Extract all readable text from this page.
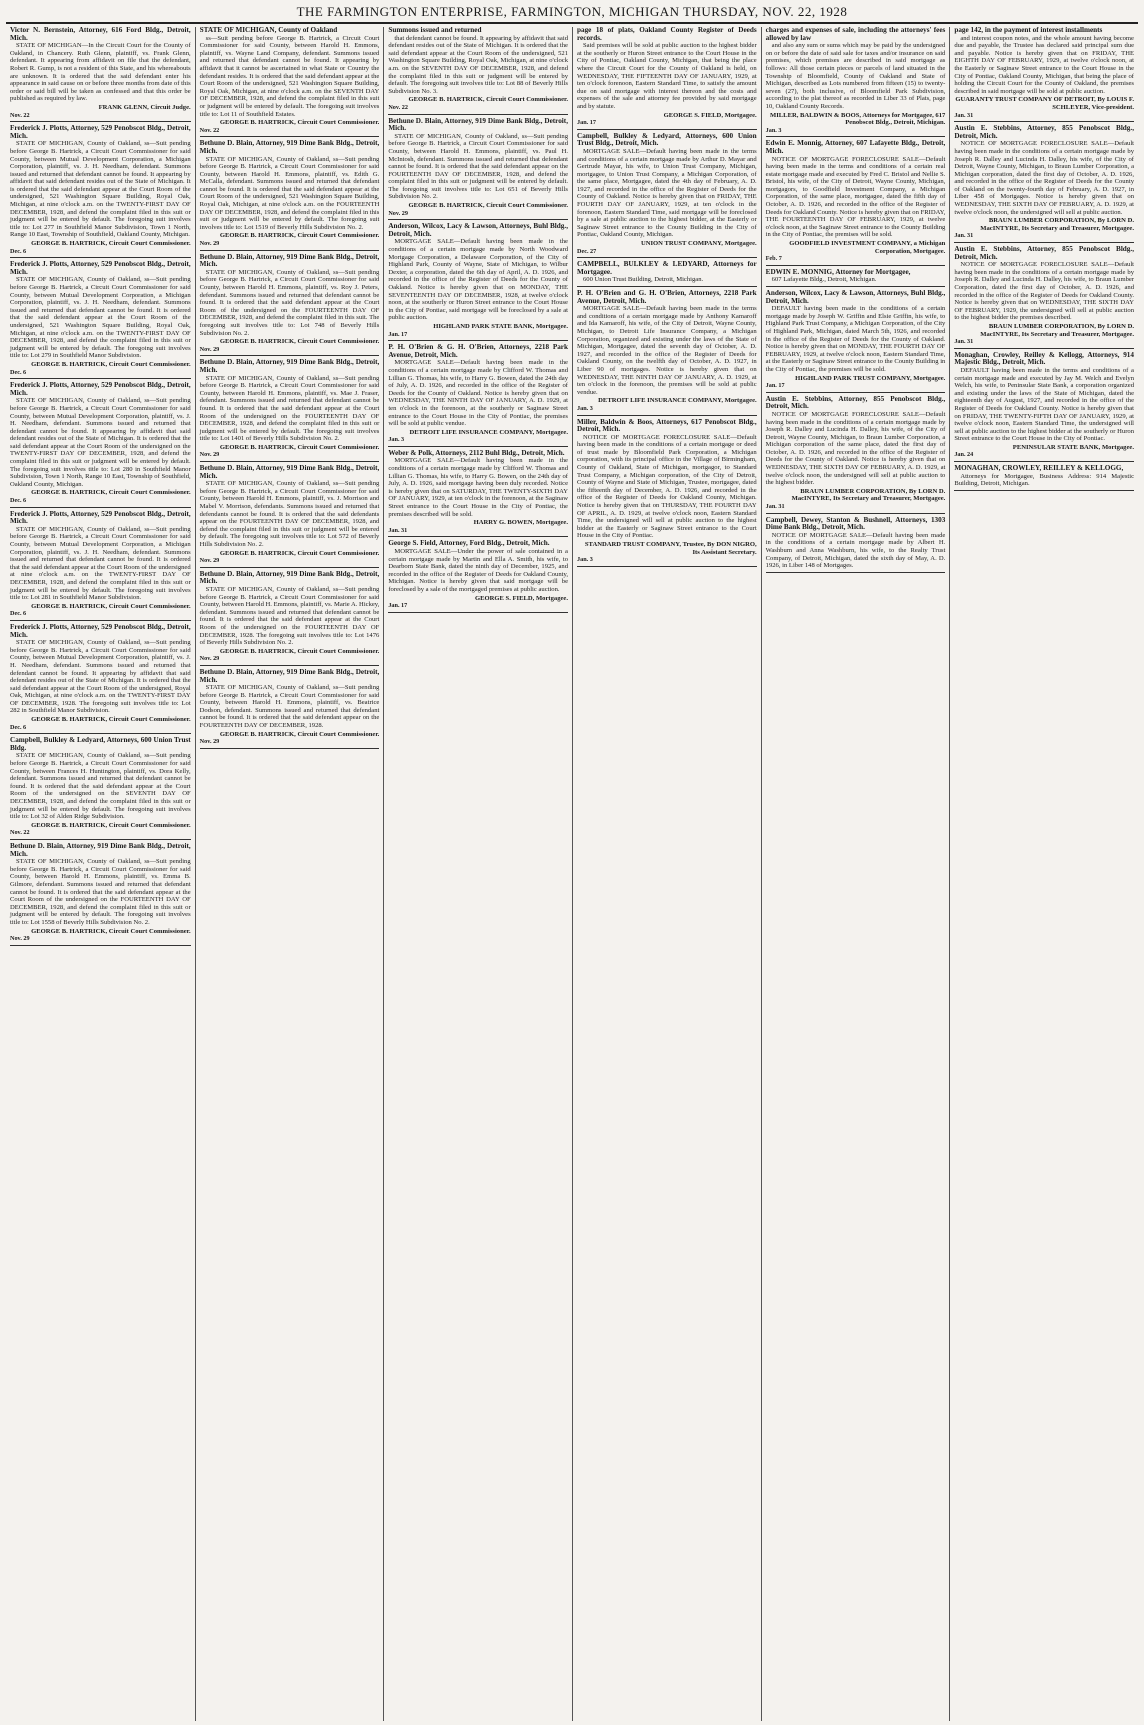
THE FARMINGTON ENTERPRISE, FARMINGTON, MICHIGAN THURSDAY, NOV. 22, 1928
Victor N. Bernstein, Attorney, 616 Ford Bldg., Detroit, Mich.
STATE OF MICHIGAN—In the Circuit Court for the County of Oakland, in Chancery. Ruth Glenn, plaintiff, vs. Frank Glenn, defendant. It appearing from affidavit on file that the defendant, Robert R. Gump, is not a resident of this State, and his whereabouts are unknown. It is ordered that the said defendant enter his appearance in said cause on or before three months from date of this order or said bill will be taken as confessed and that this order be published as required by law.
FRANK GLENN, Circuit Judge.
Nov. 22
Frederick J. Plotts, Attorney, 529 Penobscot Bldg., Detroit, Mich.
STATE OF MICHIGAN, County of Oakland, ss—Suit pending before George B. Hartrick, a Circuit Court Commissioner for said County, between Mutual Development Corporation, a Michigan Corporation, plaintiff, vs. J. H. Needham, defendant. Summons issued and returned that defendant cannot be found. It appearing by affidavit that said defendant resides out of the State of Michigan. It is ordered that the said defendant appear at the Court Room of the undersigned, 521 Washington Square Building, Royal Oak, Michigan, at nine o'clock a.m. on the TWENTY-FIRST DAY OF DECEMBER, 1928, and defend the complaint filed in this suit or judgment will be entered by default. The foregoing suit involves title to: Lot 277 in Southfield Manor Subdivision, Town 1 North, Range 10 East, Township of Southfield, Oakland County, Michigan.
GEORGE B. HARTRICK, Circuit Court Commissioner.
Dec. 6
Frederick J. Plotts, Attorney, 529 Penobscot Bldg., Detroit, Mich.
STATE OF MICHIGAN, County of Oakland, ss—Suit pending before George B. Hartrick, a Circuit Court Commissioner for said County, between Mutual Development Corporation, a Michigan Corporation, plaintiff, vs. J. H. Needham, defendant. Summons issued and returned that defendant cannot be found. It is ordered that the said defendant appear at the Court Room of the undersigned, 521 Washington Square Building, Royal Oak, Michigan, at nine o'clock a.m. on the TWENTY-FIRST DAY OF DECEMBER, 1928, and defend the complaint filed in this suit or judgment will be entered by default. The foregoing suit involves title to: Lot 279 in Southfield Manor Subdivision.
GEORGE B. HARTRICK, Circuit Court Commissioner.
Dec. 6
Frederick J. Plotts, Attorney, 529 Penobscot Bldg., Detroit, Mich.
STATE OF MICHIGAN, County of Oakland, ss—Suit pending before George B. Hartrick, a Circuit Court Commissioner for said County, between Mutual Development Corporation, plaintiff, vs. J. H. Needham, defendant. Summons issued and returned that defendant cannot be found. It appearing by affidavit that said defendant resides out of the State of Michigan. It is ordered that the said defendant appear at the Court Room of the undersigned on the TWENTY-FIRST DAY OF DECEMBER, 1928, and defend the complaint filed in this suit or judgment will be entered by default. The foregoing suit involves title to: Lot 280 in Southfield Manor Subdivision, Town 1 North, Range 10 East, Township of Southfield, Oakland County, Michigan.
GEORGE B. HARTRICK, Circuit Court Commissioner.
Dec. 6
Frederick J. Plotts, Attorney, 529 Penobscot Bldg., Detroit, Mich.
STATE OF MICHIGAN, County of Oakland, ss—Suit pending before George B. Hartrick, a Circuit Court Commissioner for said County, between Mutual Development Corporation, a Michigan Corporation, plaintiff, vs. J. H. Needham, defendant. Summons issued and returned that defendant cannot be found. It is ordered that the said defendant appear at the Court Room of the undersigned at nine o'clock a.m. on the TWENTY-FIRST DAY OF DECEMBER, 1928, and defend the complaint filed in this suit or judgment will be entered by default. The foregoing suit involves title to: Lot 281 in Southfield Manor Subdivision.
GEORGE B. HARTRICK, Circuit Court Commissioner.
Dec. 6
Frederick J. Plotts, Attorney, 529 Penobscot Bldg., Detroit, Mich.
STATE OF MICHIGAN, County of Oakland, ss—Suit pending before George B. Hartrick, a Circuit Court Commissioner for said County, between Mutual Development Corporation, plaintiff, vs. J. H. Needham, defendant. Summons issued and returned that defendant cannot be found. It appearing by affidavit that said defendant resides out of the State of Michigan. It is ordered that the said defendant appear at the Court Room of the undersigned, Royal Oak, Michigan, at nine o'clock a.m. on the TWENTY-FIRST DAY OF DECEMBER, 1928. The foregoing suit involves title to: Lot 282 in Southfield Manor Subdivision.
GEORGE B. HARTRICK, Circuit Court Commissioner.
Dec. 6
Campbell, Bulkley & Ledyard, Attorneys, 600 Union Trust Bldg.
STATE OF MICHIGAN, County of Oakland, ss—Suit pending before George B. Hartrick, a Circuit Court Commissioner for said County, between Frances H. Huntington, plaintiff, vs. Dora Kelly, defendant. Summons issued and returned that defendant cannot be found. It is ordered that the said defendant appear at the Court Room of the undersigned on the SEVENTH DAY OF DECEMBER, 1928, and defend the complaint filed in this suit or judgment will be entered by default. The foregoing suit involves title to: Lot 32 of Alden Ridge Subdivision.
GEORGE B. HARTRICK, Circuit Court Commissioner.
Nov. 22
Bethune D. Blain, Attorney, 919 Dime Bank Bldg., Detroit, Mich.
STATE OF MICHIGAN, County of Oakland, ss—Suit pending before George B. Hartrick, a Circuit Court Commissioner for said County, between Harold H. Emmons, plaintiff, vs. Emma B. Gilmore, defendant. Summons issued and returned that defendant cannot be found. It is ordered that the said defendant appear at the Court Room of the undersigned on the FOURTEENTH DAY OF DECEMBER, 1928, and defend the complaint filed in this suit or judgment will be entered by default. The foregoing suit involves title to: Lot 1558 of Beverly Hills Subdivision No. 2.
GEORGE B. HARTRICK, Circuit Court Commissioner.
Nov. 29
STATE OF MICHIGAN, County of Oakland
ss—Suit pending before George B. Hartrick, a Circuit Court Commissioner for said County, between Harold H. Emmons, plaintiff, vs. Wayne Land Company, defendant. Summons issued and returned that defendant cannot be found. It appearing by affidavit that it cannot be ascertained in what State or Country the defendant resides. It is ordered that the said defendant appear at the Court Room of the undersigned, 521 Washington Square Building, Royal Oak, Michigan, at nine o'clock a.m. on the SEVENTH DAY OF DECEMBER, 1928, and defend the complaint filed in this suit or judgment will be entered by default. The foregoing suit involves title to: Lot 11 of Southfield Estates.
GEORGE B. HARTRICK, Circuit Court Commissioner.
Nov. 22
Bethune D. Blain, Attorney, 919 Dime Bank Bldg., Detroit, Mich.
STATE OF MICHIGAN, County of Oakland, ss—Suit pending before George B. Hartrick, a Circuit Court Commissioner for said County, between Harold H. Emmons, plaintiff, vs. Edith G. McCalla, defendant. Summons issued and returned that defendant cannot be found. It is ordered that the said defendant appear at the Court Room of the undersigned, 521 Washington Square Building, Royal Oak, Michigan, at nine o'clock a.m. on the FOURTEENTH DAY OF DECEMBER, 1928, and defend the complaint filed in this suit or judgment will be entered by default. The foregoing suit involves title to: Lot 1519 of Beverly Hills Subdivision No. 2.
GEORGE B. HARTRICK, Circuit Court Commissioner.
Nov. 29
Bethune D. Blain, Attorney, 919 Dime Bank Bldg., Detroit, Mich.
STATE OF MICHIGAN, County of Oakland, ss—Suit pending before George B. Hartrick, a Circuit Court Commissioner for said County, between Harold H. Emmons, plaintiff, vs. Roy J. Peters, defendant. Summons issued and returned that defendant cannot be found. It is ordered that the said defendant appear at the Court Room of the undersigned on the FOURTEENTH DAY OF DECEMBER, 1928, and defend the complaint filed in this suit. The foregoing suit involves title to: Lot 748 of Beverly Hills Subdivision No. 2.
GEORGE B. HARTRICK, Circuit Court Commissioner.
Nov. 29
Bethune D. Blain, Attorney, 919 Dime Bank Bldg., Detroit, Mich.
STATE OF MICHIGAN, County of Oakland, ss—Suit pending before George B. Hartrick, a Circuit Court Commissioner for said County, between Harold H. Emmons, plaintiff, vs. Mae J. Fraser, defendant. Summons issued and returned that defendant cannot be found. It is ordered that the said defendant appear at the Court Room of the undersigned on the FOURTEENTH DAY OF DECEMBER, 1928, and defend the complaint filed in this suit or judgment will be entered by default. The foregoing suit involves title to: Lot 1401 of Beverly Hills Subdivision No. 2.
GEORGE B. HARTRICK, Circuit Court Commissioner.
Nov. 29
Bethune D. Blain, Attorney, 919 Dime Bank Bldg., Detroit, Mich.
STATE OF MICHIGAN, County of Oakland, ss—Suit pending before George B. Hartrick, a Circuit Court Commissioner for said County, between Harold H. Emmons, plaintiff, vs. J. Morrison and Mabel V. Morrison, defendants. Summons issued and returned that defendants cannot be found. It is ordered that the said defendants appear on the FOURTEENTH DAY OF DECEMBER, 1928, and defend the complaint filed in this suit or judgment will be entered by default. The foregoing suit involves title to: Lot 572 of Beverly Hills Subdivision No. 2.
GEORGE B. HARTRICK, Circuit Court Commissioner.
Nov. 29
Bethune D. Blain, Attorney, 919 Dime Bank Bldg., Detroit, Mich.
STATE OF MICHIGAN, County of Oakland, ss—Suit pending before George B. Hartrick, a Circuit Court Commissioner for said County, between Harold H. Emmons, plaintiff, vs. Marie A. Hickey, defendant. Summons issued and returned that defendant cannot be found. It is ordered that the said defendant appear at the Court Room of the undersigned on the FOURTEENTH DAY OF DECEMBER, 1928. The foregoing suit involves title to: Lot 1476 of Beverly Hills Subdivision No. 2.
GEORGE B. HARTRICK, Circuit Court Commissioner.
Nov. 29
Bethune D. Blain, Attorney, 919 Dime Bank Bldg., Detroit, Mich.
STATE OF MICHIGAN, County of Oakland, ss—Suit pending before George B. Hartrick, a Circuit Court Commissioner for said County, between Harold H. Emmons, plaintiff, vs. Beatrice Dodson, defendant. Summons issued and returned that defendant cannot be found. It is ordered that the said defendant appear on the FOURTEENTH DAY OF DECEMBER, 1928.
GEORGE B. HARTRICK, Circuit Court Commissioner.
Nov. 29
Summons issued and returned
that defendant cannot be found. It appearing by affidavit that said defendant resides out of the State of Michigan. It is ordered that the said defendant appear at the Court Room of the undersigned, 521 Washington Square Building, Royal Oak, Michigan, at nine o'clock a.m. on the SEVENTH DAY OF DECEMBER, 1928, and defend the complaint filed in this suit or judgment will be entered by default. The foregoing suit involves title to: Lot 88 of Beverly Hills Subdivision No. 3.
GEORGE B. HARTRICK, Circuit Court Commissioner.
Nov. 22
Bethune D. Blain, Attorney, 919 Dime Bank Bldg., Detroit, Mich.
STATE OF MICHIGAN, County of Oakland, ss—Suit pending before George B. Hartrick, a Circuit Court Commissioner for said County, between Harold H. Emmons, plaintiff, vs. Paul H. McIntosh, defendant. Summons issued and returned that defendant cannot be found. It is ordered that the said defendant appear on the FOURTEENTH DAY OF DECEMBER, 1928, and defend the complaint filed in this suit or judgment will be entered by default. The foregoing suit involves title to: Lot 651 of Beverly Hills Subdivision No. 2.
GEORGE B. HARTRICK, Circuit Court Commissioner.
Nov. 29
Anderson, Wilcox, Lacy & Lawson, Attorneys, Buhl Bldg., Detroit, Mich.
MORTGAGE SALE—Default having been made in the conditions of a certain mortgage made by North Woodward Mortgage Corporation, a Delaware Corporation, of the City of Highland Park, County of Wayne, State of Michigan, to Wilbur Dexter, a corporation, dated the 6th day of April, A. D. 1926, and recorded in the office of the Register of Deeds for the County of Oakland. Notice is hereby given that on MONDAY, THE SEVENTEENTH DAY OF DECEMBER, 1928, at twelve o'clock noon, at the southerly or Huron Street entrance to the Court House in the City of Pontiac, said mortgage will be foreclosed by a sale at public auction.
HIGHLAND PARK STATE BANK, Mortgagee.
Jan. 17
P. H. O'Brien & G. H. O'Brien, Attorneys, 2218 Park Avenue, Detroit, Mich.
MORTGAGE SALE—Default having been made in the conditions of a certain mortgage made by Clifford W. Thomas and Lillian G. Thomas, his wife, to Harry G. Bowen, dated the 24th day of July, A. D. 1926, and recorded in the office of the Register of Deeds for the County of Oakland. Notice is hereby given that on WEDNESDAY, THE NINTH DAY OF JANUARY, A. D. 1929, at ten o'clock in the forenoon, at the southerly or Saginaw Street entrance to the Court House in the City of Pontiac, the premises will be sold at public vendue.
DETROIT LIFE INSURANCE COMPANY, Mortgagee.
Jan. 3
Weber & Polk, Attorneys, 2112 Buhl Bldg., Detroit, Mich.
MORTGAGE SALE—Default having been made in the conditions of a certain mortgage made by Clifford W. Thomas and Lillian G. Thomas, his wife, to Harry G. Bowen, on the 24th day of July, A. D. 1926, said mortgage having been duly recorded. Notice is hereby given that on SATURDAY, THE TWENTY-SIXTH DAY OF JANUARY, 1929, at ten o'clock in the forenoon, at the Saginaw Street entrance to the Court House in the City of Pontiac, the premises described will be sold.
HARRY G. BOWEN, Mortgagee.
Jan. 31
George S. Field, Attorney, Ford Bldg., Detroit, Mich.
MORTGAGE SALE—Under the power of sale contained in a certain mortgage made by Martin and Ella A. Smith, his wife, to Dearborn State Bank, dated the ninth day of December, 1925, and recorded in the office of the Register of Deeds for Oakland County, Michigan. Notice is hereby given that said mortgage will be foreclosed by a sale of the mortgaged premises at public auction.
GEORGE S. FIELD, Mortgagee.
Jan. 17
page 18 of plats, Oakland County Register of Deeds records.
Said premises will be sold at public auction to the highest bidder at the southerly or Huron Street entrance to the Court House in the City of Pontiac, Oakland County, Michigan, that being the place where the Circuit Court for the County of Oakland is held, on WEDNESDAY, THE FIFTEENTH DAY OF JANUARY, 1929, at ten o'clock forenoon, Eastern Standard Time, to satisfy the amount due on said mortgage with interest thereon and the costs and expenses of the sale and attorney fee provided by said mortgage and by statute.
GEORGE S. FIELD, Mortgagee.
Jan. 17
Campbell, Bulkley & Ledyard, Attorneys, 600 Union Trust Bldg., Detroit, Mich.
MORTGAGE SALE—Default having been made in the terms and conditions of a certain mortgage made by Arthur D. Mayar and Gertrude Mayar, his wife, to Union Trust Company, Michigan, mortgagee, to Union Trust Company, a Michigan Corporation, of the same place, Mortgagee, dated the 4th day of February, A. D. 1927, and recorded in the office of the Register of Deeds for the County of Oakland. Notice is hereby given that on FRIDAY, THE FOURTH DAY OF JANUARY, 1929, at ten o'clock in the forenoon, Eastern Standard Time, said mortgage will be foreclosed by a sale at public auction to the highest bidder, at the Easterly or Saginaw Street entrance to the County Building in the City of Pontiac, Oakland County, Michigan.
UNION TRUST COMPANY, Mortgagee.
Dec. 27
CAMPBELL, BULKLEY & LEDYARD, Attorneys for Mortgagee.
600 Union Trust Building, Detroit, Michigan.
P. H. O'Brien and G. H. O'Brien, Attorneys, 2218 Park Avenue, Detroit, Mich.
MORTGAGE SALE—Default having been made in the terms and conditions of a certain mortgage made by Anthony Kamaroff and Ida Kamaroff, his wife, of the City of Detroit, Wayne County, Michigan, to Detroit Life Insurance Company, a Michigan Corporation, organized and existing under the laws of the State of Michigan, Mortgagee, dated the seventh day of October, A. D. 1927, and recorded in the office of the Register of Deeds for Oakland County, on the twelfth day of October, A. D. 1927, in Liber 90 of mortgages. Notice is hereby given that on WEDNESDAY, THE NINTH DAY OF JANUARY, A. D. 1929, at ten o'clock in the forenoon, the premises will be sold at public vendue.
DETROIT LIFE INSURANCE COMPANY, Mortgagee.
Jan. 3
Miller, Baldwin & Boos, Attorneys, 617 Penobscot Bldg., Detroit, Mich.
NOTICE OF MORTGAGE FORECLOSURE SALE—Default having been made in the conditions of a certain mortgage or deed of trust made by Bloomfield Park Corporation, a Michigan corporation, with its principal office in the Village of Birmingham, County of Oakland, State of Michigan, mortgagor, to Standard Trust Company, a Michigan corporation, of the City of Detroit, County of Wayne and State of Michigan, Trustee, mortgagee, dated the fifteenth day of December, A. D. 1926, and recorded in the office of the Register of Deeds for Oakland County, Michigan. Notice is hereby given that on THURSDAY, THE FOURTH DAY OF APRIL, A. D. 1929, at twelve o'clock noon, Eastern Standard Time, the undersigned will sell at public auction to the highest bidder at the Easterly or Saginaw Street entrance to the Court House in the City of Pontiac.
STANDARD TRUST COMPANY, Trustee, By DON NIGRO, Its Assistant Secretary.
Jan. 3
charges and expenses of sale, including the attorneys' fees allowed by law
and also any sum or sums which may be paid by the undersigned on or before the date of said sale for taxes and/or insurance on said premises, which premises are described in said mortgage as follows: All those certain pieces or parcels of land situated in the Township of Bloomfield, County of Oakland and State of Michigan, described as Lots numbered from fifteen (15) to twenty-seven (27), both inclusive, of Bloomfield Park Subdivision, according to the plat thereof as recorded in Liber 33 of Plats, page 10, Oakland County Records.
MILLER, BALDWIN & BOOS, Attorneys for Mortgagee, 617 Penobscot Bldg., Detroit, Michigan.
Jan. 3
Edwin E. Monnig, Attorney, 607 Lafayette Bldg., Detroit, Mich.
NOTICE OF MORTGAGE FORECLOSURE SALE—Default having been made in the terms and conditions of a certain real estate mortgage made and executed by Fred C. Bristol and Nellie S. Bristol, his wife, of the City of Detroit, Wayne County, Michigan, mortgagors, to Goodfield Investment Company, a Michigan Corporation, of the same place, mortgagee, dated the fifth day of October, A. D. 1926, and recorded in the office of the Register of Deeds for Oakland County. Notice is hereby given that on FRIDAY, THE FOURTEENTH DAY OF FEBRUARY, 1929, at twelve o'clock noon, at the Saginaw Street entrance to the County Building in the City of Pontiac, the premises will be sold.
GOODFIELD INVESTMENT COMPANY, a Michigan Corporation, Mortgagee.
Feb. 7
EDWIN E. MONNIG, Attorney for Mortgagee,
607 Lafayette Bldg., Detroit, Michigan.
Anderson, Wilcox, Lacy & Lawson, Attorneys, Buhl Bldg., Detroit, Mich.
DEFAULT having been made in the conditions of a certain mortgage made by Joseph W. Griffin and Elsie Griffin, his wife, to Highland Park Trust Company, a Michigan Corporation, of the City of Highland Park, Michigan, dated March 5th, 1926, and recorded in the office of the Register of Deeds for the County of Oakland. Notice is hereby given that on MONDAY, THE FOURTH DAY OF FEBRUARY, 1929, at twelve o'clock noon, Eastern Standard Time, at the Easterly or Saginaw Street entrance to the County Building in the City of Pontiac, the premises will be sold.
HIGHLAND PARK TRUST COMPANY, Mortgagee.
Jan. 17
Austin E. Stebbins, Attorney, 855 Penobscot Bldg., Detroit, Mich.
NOTICE OF MORTGAGE FORECLOSURE SALE—Default having been made in the conditions of a certain mortgage made by Joseph R. Dalley and Lucinda H. Dalley, his wife, of the City of Detroit, Wayne County, Michigan, to Braun Lumber Corporation, a Michigan corporation of the same place, dated the first day of October, A. D. 1926, and recorded in the office of the Register of Deeds for the County of Oakland. Notice is hereby given that on WEDNESDAY, THE SIXTH DAY OF FEBRUARY, A. D. 1929, at twelve o'clock noon, the undersigned will sell at public auction to the highest bidder.
BRAUN LUMBER CORPORATION, By LORN D. MacINTYRE, Its Secretary and Treasurer, Mortgagee.
Jan. 31
Campbell, Dewey, Stanton & Bushnell, Attorneys, 1303 Dime Bank Bldg., Detroit, Mich.
NOTICE OF MORTGAGE SALE—Default having been made in the conditions of a certain mortgage made by Albert H. Washburn and Anna Washburn, his wife, to the Realty Trust Company, of Detroit, Michigan, dated the sixth day of May, A. D. 1926, in Liber 148 of Mortgages.
page 142, in the payment of interest installments
and interest coupon notes, and the whole amount having become due and payable, the Trustee has declared said principal sum due and payable. Notice is hereby given that on FRIDAY, THE EIGHTH DAY OF FEBRUARY, 1929, at twelve o'clock noon, at the Easterly or Saginaw Street entrance to the Court House in the City of Pontiac, Oakland County, Michigan, that being the place of holding the Circuit Court for the County of Oakland, the premises described in said mortgage will be sold at public auction.
GUARANTY TRUST COMPANY OF DETROIT, By LOUIS F. SCHLEYER, Vice-president.
Jan. 31
Austin E. Stebbins, Attorney, 855 Penobscot Bldg., Detroit, Mich.
NOTICE OF MORTGAGE FORECLOSURE SALE—Default having been made in the conditions of a certain mortgage made by Joseph R. Dalley and Lucinda H. Dalley, his wife, of the City of Detroit, Wayne County, Michigan, to Braun Lumber Corporation, a Michigan corporation, dated the first day of October, A. D. 1926, and recorded in the office of the Register of Deeds for the County of Oakland on the twenty-fourth day of February, A. D. 1927, in Liber 458 of Mortgages. Notice is hereby given that on WEDNESDAY, THE SIXTH DAY OF FEBRUARY, A. D. 1929, at twelve o'clock noon, the undersigned will sell at public auction.
BRAUN LUMBER CORPORATION, By LORN D. MacINTYRE, Its Secretary and Treasurer, Mortgagee.
Jan. 31
Austin E. Stebbins, Attorney, 855 Penobscot Bldg., Detroit, Mich.
NOTICE OF MORTGAGE FORECLOSURE SALE—Default having been made in the conditions of a certain mortgage made by Joseph R. Dalley and Lucinda H. Dalley, his wife, to Braun Lumber Corporation, dated the first day of October, A. D. 1926, and recorded in the office of the Register of Deeds for Oakland County. Notice is hereby given that on WEDNESDAY, THE SIXTH DAY OF FEBRUARY, 1929, the undersigned will sell at public auction to the highest bidder the premises described.
BRAUN LUMBER CORPORATION, By LORN D. MacINTYRE, Its Secretary and Treasurer, Mortgagee.
Jan. 31
Monaghan, Crowley, Reilley & Kellogg, Attorneys, 914 Majestic Bldg., Detroit, Mich.
DEFAULT having been made in the terms and conditions of a certain mortgage made and executed by Jay M. Welch and Evelyn Welch, his wife, to Peninsular State Bank, a corporation organized and existing under the laws of the State of Michigan, dated the eighteenth day of August, 1927, and recorded in the office of the Register of Deeds for Oakland County. Notice is hereby given that on FRIDAY, THE TWENTY-FIFTH DAY OF JANUARY, 1929, at twelve o'clock noon, Eastern Standard Time, the undersigned will sell at public auction to the highest bidder at the southerly or Huron Street entrance to the Court House in the City of Pontiac.
PENINSULAR STATE BANK, Mortgagee.
Jan. 24
MONAGHAN, CROWLEY, REILLEY & KELLOGG,
Attorneys for Mortgagee, Business Address: 914 Majestic Building, Detroit, Michigan.
